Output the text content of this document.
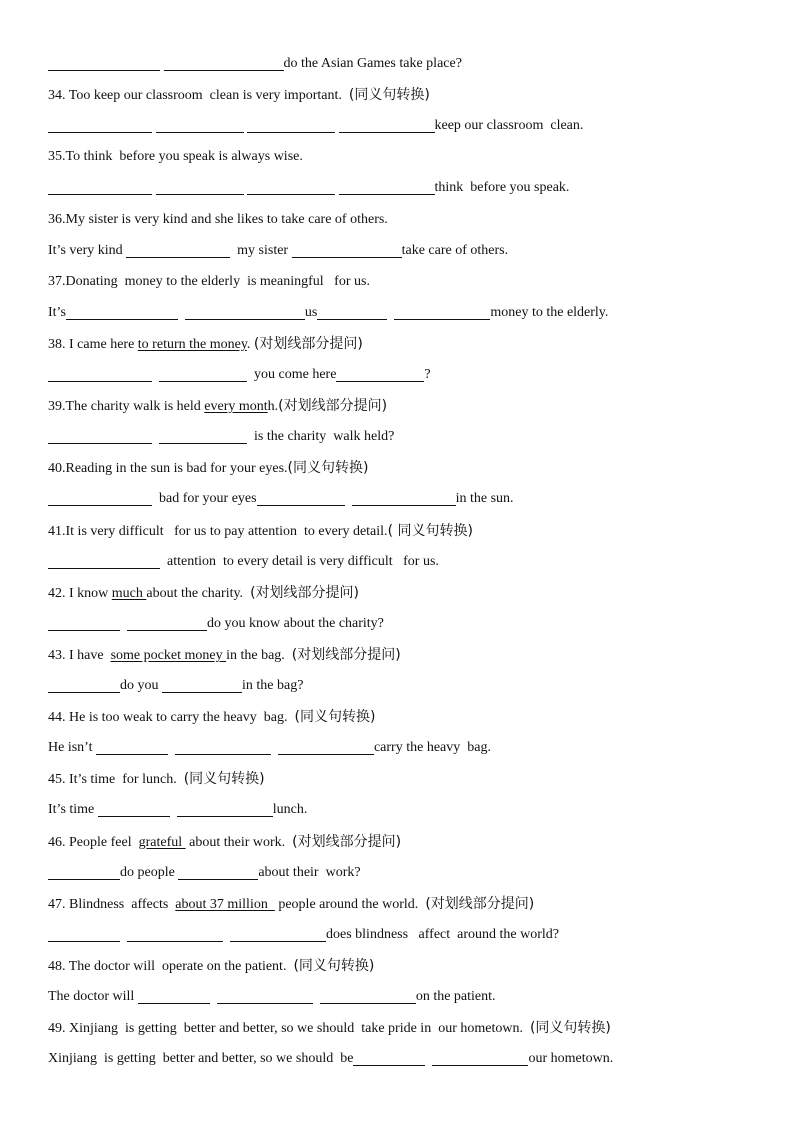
do the Asian Games take place?
34. Too keep our classroom  clean is very important.  (同义句转换)
keep our classroom  clean.
35.To think  before you speak is always wise.
think  before you speak.
36.My sister is very kind and she likes to take care of others.
It’s very kind	my sister	take care of others.
37.Donating  money to the elderly  is meaningful   for us.
It’s	us	money to the elderly.
38. I came here to return the money. (对划线部分提问)
you come here	?
39.The charity walk is held every month.(对划线部分提问)
is the charity  walk held?
40.Reading in the sun is bad for your eyes.(同义句转换)
bad for your eyes	in the sun.
41.It is very difficult   for us to pay attention  to every detail.( 同义句转换)
attention  to every detail is very difficult   for us.
42. I know much about the charity.  (对划线部分提问)
do you know about the charity?
43. I have  some pocket money in the bag.  (对划线部分提问)
do you	in the bag?
44. He is too weak to carry the heavy  bag.  (同义句转换)
He isn’t	carry the heavy  bag.
45. It’s time  for lunch.  (同义句转换)
It’s time	lunch.
46. People feel  grateful  about their work.  (对划线部分提问)
do people	about their  work?
47. Blindness  affects  about 37 million   people around the world.  (对划线部分提问)
does blindness   affect  around the world?
48. The doctor will  operate on the patient.  (同义句转换)
The doctor will	on the patient.
49. Xinjiang  is getting  better and better, so we should  take pride in  our hometown.  (同义句转换)
Xinjiang  is getting  better and better, so we should  be	our hometown.
